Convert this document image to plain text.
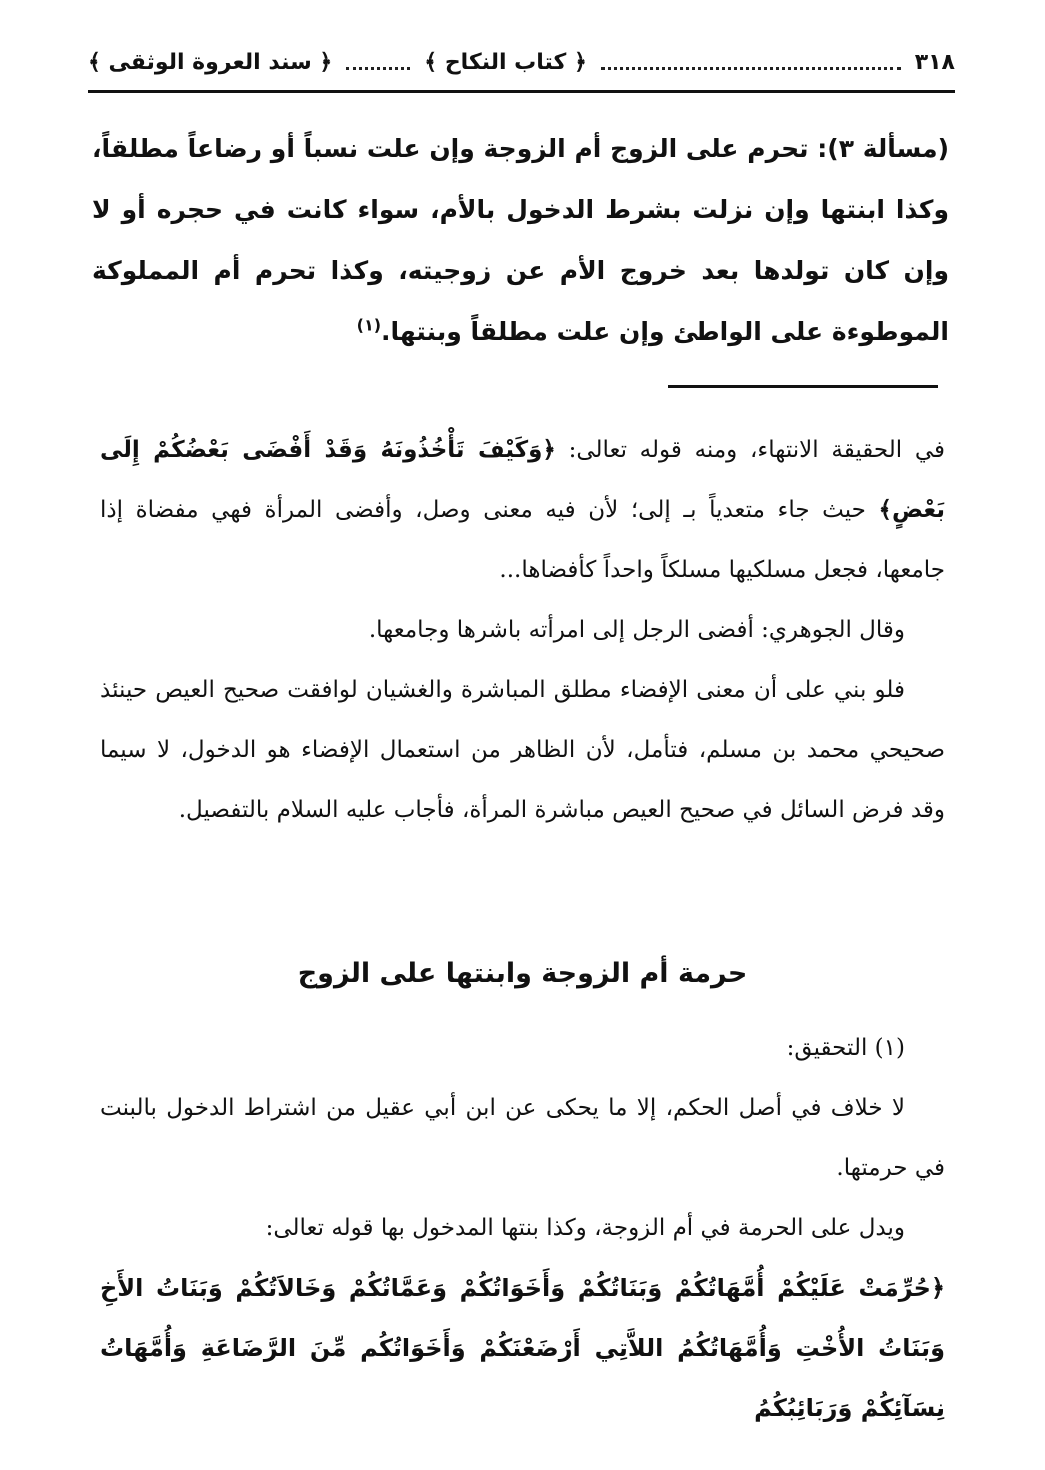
٣١٨
﴿ كتاب النكاح ﴾
﴿ سند العروة الوثقى ﴾
(مسألة ٣): تحرم على الزوج أم الزوجة وإن علت نسباً أو رضاعاً مطلقاً، وكذا ابنتها وإن نزلت بشرط الدخول بالأم، سواء كانت في حجره أو لا وإن كان تولدها بعد خروج الأم عن زوجيته، وكذا تحرم أم المملوكة الموطوءة على الواطئ وإن علت مطلقاً وبنتها.$^{(١)}$

في الحقيقة الانتهاء، ومنه قوله تعالى: ﴿وَكَيْفَ تَأْخُذُونَهُ وَقَدْ أَفْضَى بَعْضُكُمْ إِلَى بَعْضٍ﴾ حيث جاء متعدياً بـ إلى؛ لأن فيه معنى وصل، وأفضى المرأة فهي مفضاة إذا جامعها، فجعل مسلكيها مسلكاً واحداً كأفضاها...

وقال الجوهري: أفضى الرجل إلى امرأته باشرها وجامعها.

فلو بني على أن معنى الإفضاء مطلق المباشرة والغشيان لوافقت صحيح العيص حينئذ صحيحي محمد بن مسلم، فتأمل، لأن الظاهر من استعمال الإفضاء هو الدخول، لا سيما وقد فرض السائل في صحيح العيص مباشرة المرأة، فأجاب عليه السلام بالتفصيل.

حرمة أم الزوجة وابنتها على الزوج

(١) التحقيق:

لا خلاف في أصل الحكم، إلا ما يحكى عن ابن أبي عقيل من اشتراط الدخول بالبنت في حرمتها.

ويدل على الحرمة في أم الزوجة، وكذا بنتها المدخول بها قوله تعالى:

﴿حُرِّمَتْ عَلَيْكُمْ أُمَّهَاتُكُمْ وَبَنَاتُكُمْ وَأَخَوَاتُكُمْ وَعَمَّاتُكُمْ وَخَالاَتُكُمْ وَبَنَاتُ الأَخِ وَبَنَاتُ الأُخْتِ وَأُمَّهَاتُكُمُ اللاَّتِي أَرْضَعْنَكُمْ وَأَخَوَاتُكُم مِّنَ الرَّضَاعَةِ وَأُمَّهَاتُ نِسَآئِكُمْ وَرَبَائِبُكُمُ
